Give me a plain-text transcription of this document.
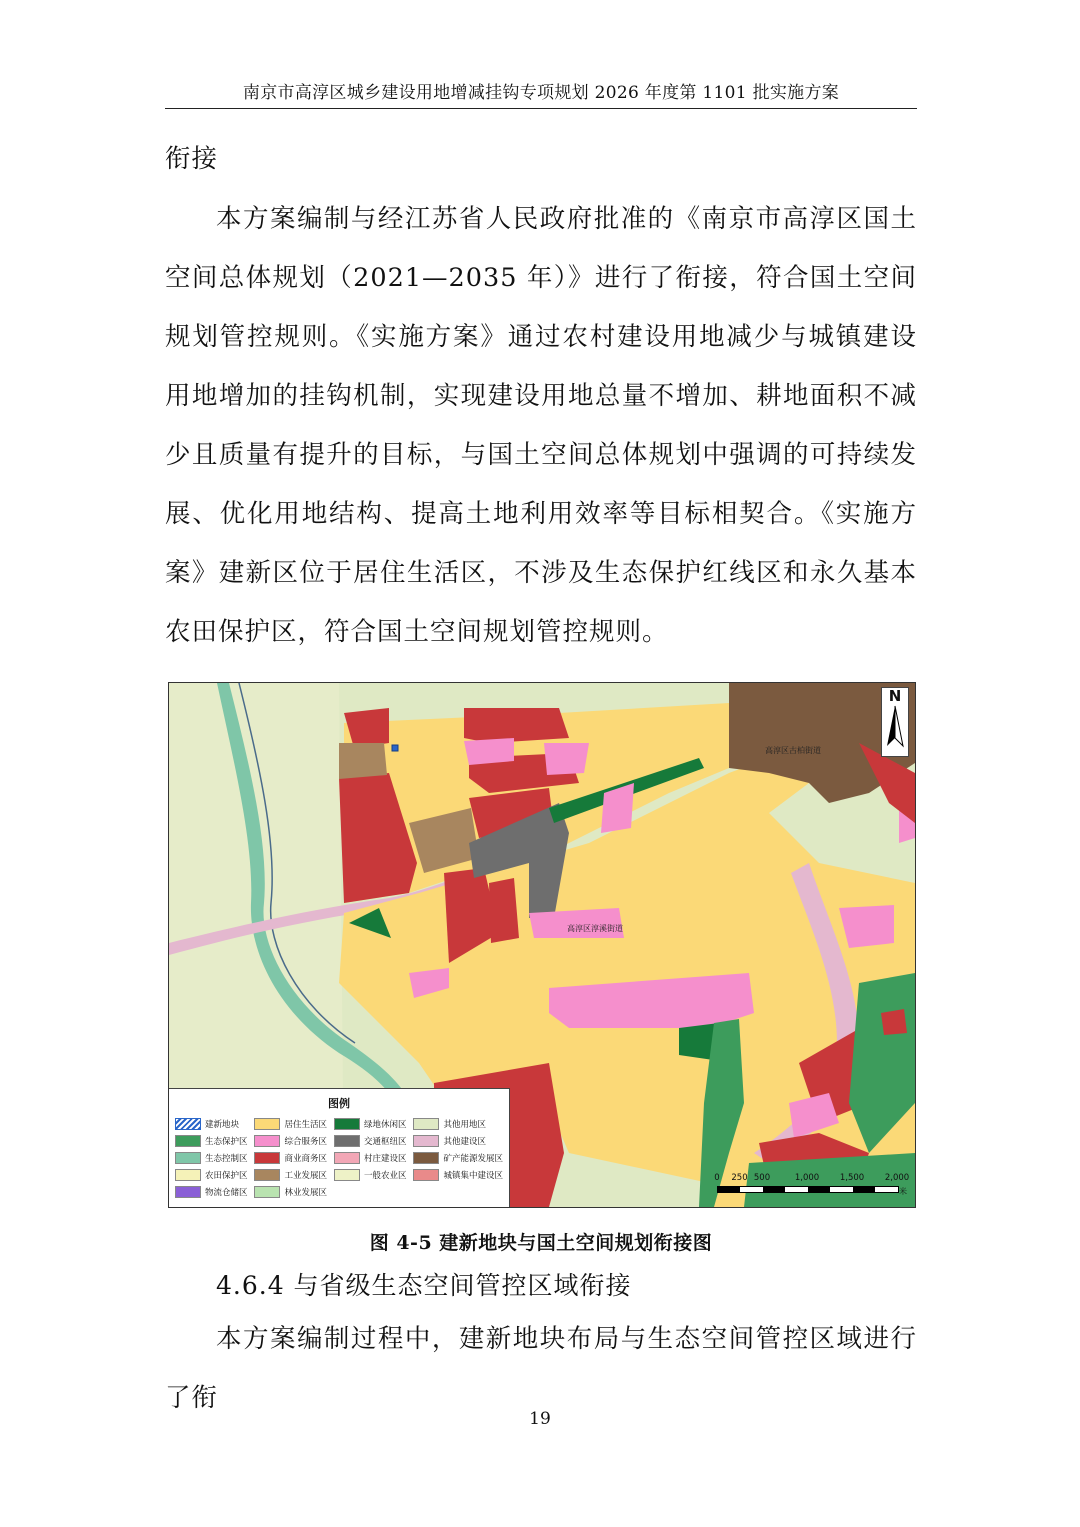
南京市高淳区城乡建设用地增减挂钩专项规划 2026 年度第 1101 批实施方案
衔接
本方案编制与经江苏省人民政府批准的《南京市高淳区国土空间总体规划（2021—2035 年）》进行了衔接，符合国土空间规划管控规则。《实施方案》通过农村建设用地减少与城镇建设用地增加的挂钩机制，实现建设用地总量不增加、耕地面积不减少且质量有提升的目标，与国土空间总体规划中强调的可持续发展、优化用地结构、提高土地利用效率等目标相契合。《实施方案》建新区位于居住生活区，不涉及生态保护红线区和永久基本农田保护区，符合国土空间规划管控规则。
高淳区淳溪街道
高淳区古柏街道
N
图例
建新地块	居住生活区	绿地休闲区	其他用地区
生态保护区	综合服务区	交通枢纽区	其他建设区
生态控制区	商业商务区	村庄建设区	矿产能源发展区
农田保护区	工业发展区	一般农业区	城镇集中建设区
物流仓储区	林业发展区
0 250 500	1,000 1,500 2,000
米
图 4-5 建新地块与国土空间规划衔接图
4.6.4 与省级生态空间管控区域衔接
本方案编制过程中，建新地块布局与生态空间管控区域进行了衔
19
